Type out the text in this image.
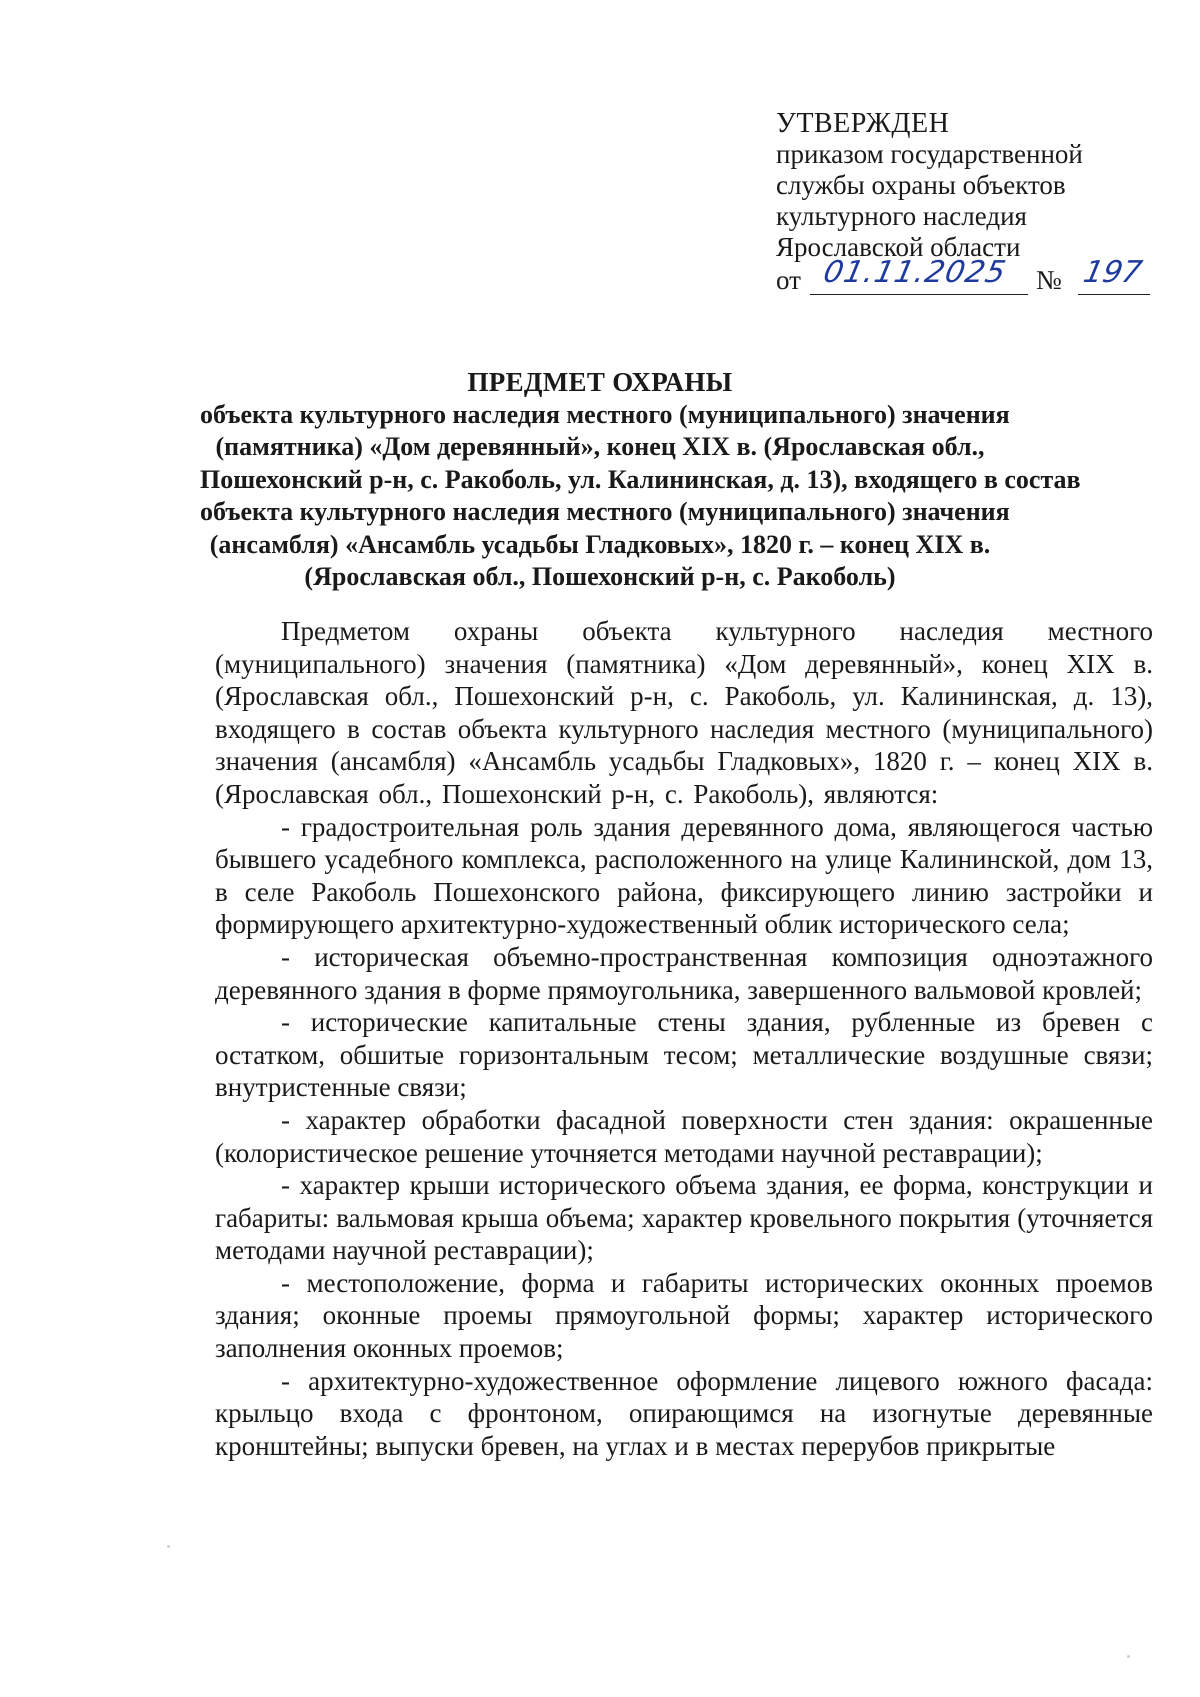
УТВЕРЖДЕН
приказом государственной
службы охраны объектов
культурного наследия
Ярославской области
от 01.11.2025 № 197
ПРЕДМЕТ ОХРАНЫ
объекта культурного наследия местного (муниципального) значения
(памятника) «Дом деревянный», конец XIX в. (Ярославская обл.,
Пошехонский р-н, с. Ракоболь, ул. Калининская, д. 13), входящего в состав
объекта культурного наследия местного (муниципального) значения
(ансамбля) «Ансамбль усадьбы Гладковых», 1820 г. – конец XIX в.
(Ярославская обл., Пошехонский р-н, с. Ракоболь)

Предметом охраны объекта культурного наследия местного (муниципального) значения (памятника) «Дом деревянный», конец XIX в. (Ярославская обл., Пошехонский р-н, с. Ракоболь, ул. Калининская, д. 13), входящего в состав объекта культурного наследия местного (муниципального) значения (ансамбля) «Ансамбль усадьбы Гладковых», 1820 г. – конец XIX в. (Ярославская обл., Пошехонский р-н, с. Ракоболь), являются:

- градостроительная роль здания деревянного дома, являющегося частью бывшего усадебного комплекса, расположенного на улице Калининской, дом 13, в селе Ракоболь Пошехонского района, фиксирующего линию застройки и формирующего архитектурно-художественный облик исторического села;

- историческая объемно-пространственная композиция одноэтажного деревянного здания в форме прямоугольника, завершенного вальмовой кровлей;

- исторические капитальные стены здания, рубленные из бревен с остатком, обшитые горизонтальным тесом; металлические воздушные связи; внутристенные связи;

- характер обработки фасадной поверхности стен здания: окрашенные (колористическое решение уточняется методами научной реставрации);

- характер крыши исторического объема здания, ее форма, конструкции и габариты: вальмовая крыша объема; характер кровельного покрытия (уточняется методами научной реставрации);

- местоположение, форма и габариты исторических оконных проемов здания; оконные проемы прямоугольной формы; характер исторического заполнения оконных проемов;

- архитектурно-художественное оформление лицевого южного фасада: крыльцо входа с фронтоном, опирающимся на изогнутые деревянные кронштейны; выпуски бревен, на углах и в местах перерубов прикрытые
